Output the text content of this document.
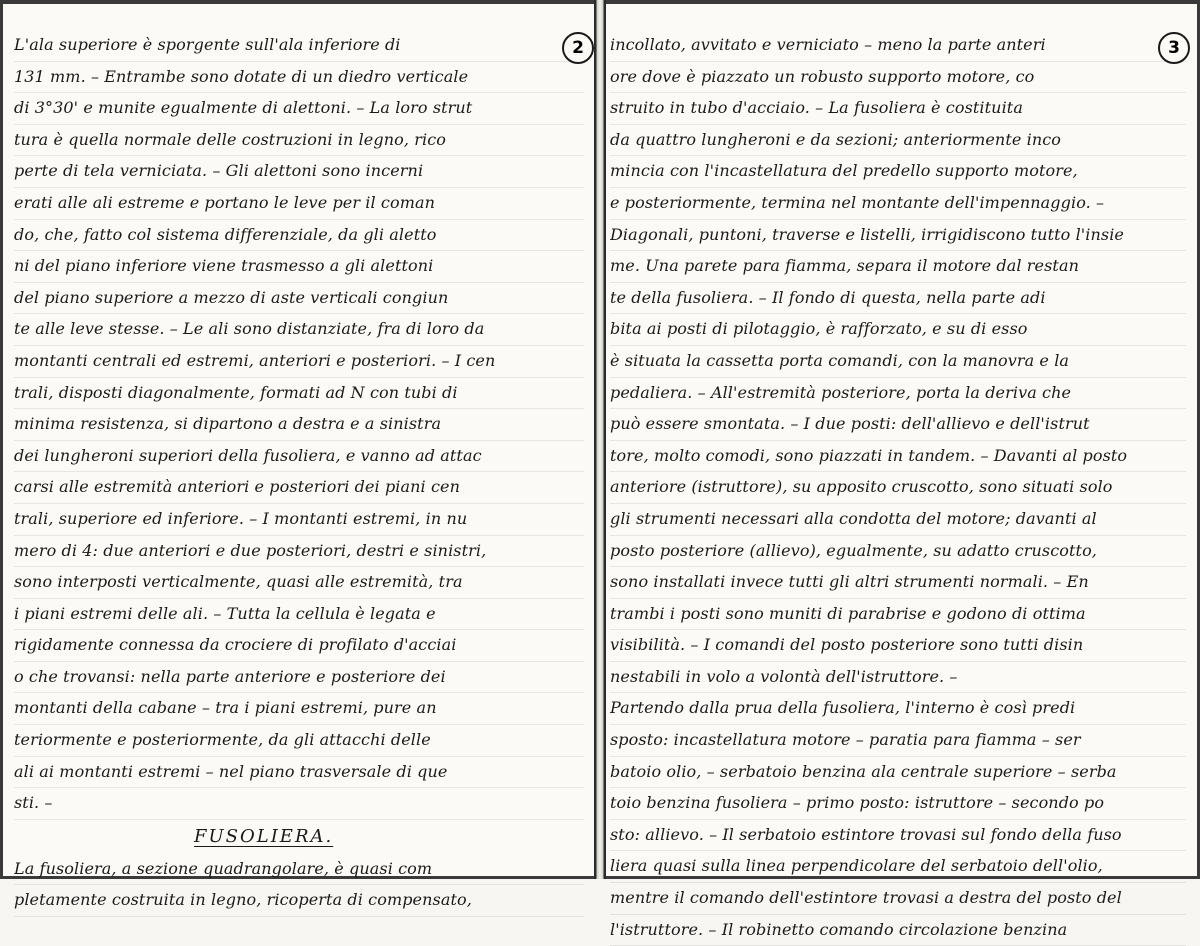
L'ala superiore è sporgente sull'ala inferiore di
131 mm. – Entrambe sono dotate di un diedro verticale
di 3°30' e munite egualmente di alettoni. – La loro strut
tura è quella normale delle costruzioni in legno, rico
perte di tela verniciata. – Gli alettoni sono incerni
erati alle ali estreme e portano le leve per il coman
do, che, fatto col sistema differenziale, da gli aletto
ni del piano inferiore viene trasmesso a gli alettoni
del piano superiore a mezzo di aste verticali congiun
te alle leve stesse. – Le ali sono distanziate, fra di loro da
montanti centrali ed estremi, anteriori e posteriori. – I cen
trali, disposti diagonalmente, formati ad N con tubi di
minima resistenza, si dipartono a destra e a sinistra
dei lungheroni superiori della fusoliera, e vanno ad attac
carsi alle estremità anteriori e posteriori dei piani cen
trali, superiore ed inferiore. – I montanti estremi, in nu
mero di 4: due anteriori e due posteriori, destri e sinistri,
sono interposti verticalmente, quasi alle estremità, tra
i piani estremi delle ali. – Tutta la cellula è legata e
rigidamente connessa da crociere di profilato d'acciai
o che trovansi: nella parte anteriore e posteriore dei
montanti della cabane – tra i piani estremi, pure an
teriormente e posteriormente, da gli attacchi delle
ali ai montanti estremi – nel piano trasversale di que
sti. –
FUSOLIERA.
La fusoliera, a sezione quadrangolare, è quasi com
pletamente costruita in legno, ricoperta di compensato,
2	incollato, avvitato e verniciato – meno la parte anteri
ore dove è piazzato un robusto supporto motore, co
struito in tubo d'acciaio. – La fusoliera è costituita
da quattro lungheroni e da sezioni; anteriormente inco
mincia con l'incastellatura del predello supporto motore,
e posteriormente, termina nel montante dell'impennaggio. –
Diagonali, puntoni, traverse e listelli, irrigidiscono tutto l'insie
me. Una parete para fiamma, separa il motore dal restan
te della fusoliera. – Il fondo di questa, nella parte adi
bita ai posti di pilotaggio, è rafforzato, e su di esso
è situata la cassetta porta comandi, con la manovra e la
pedaliera. – All'estremità posteriore, porta la deriva che
può essere smontata. – I due posti: dell'allievo e dell'istrut
tore, molto comodi, sono piazzati in tandem. – Davanti al posto
anteriore (istruttore), su apposito cruscotto, sono situati solo
gli strumenti necessari alla condotta del motore; davanti al
posto posteriore (allievo), egualmente, su adatto cruscotto,
sono installati invece tutti gli altri strumenti normali. – En
trambi i posti sono muniti di parabrise e godono di ottima
visibilità. – I comandi del posto posteriore sono tutti disin
nestabili in volo a volontà dell'istruttore. –
Partendo dalla prua della fusoliera, l'interno è così predi
sposto: incastellatura motore – paratia para fiamma – ser
batoio olio, – serbatoio benzina ala centrale superiore – serba
toio benzina fusoliera – primo posto: istruttore – secondo po
sto: allievo. – Il serbatoio estintore trovasi sul fondo della fuso
liera quasi sulla linea perpendicolare del serbatoio dell'olio,
mentre il comando dell'estintore trovasi a destra del posto del
l'istruttore. – Il robinetto comando circolazione benzina
3
